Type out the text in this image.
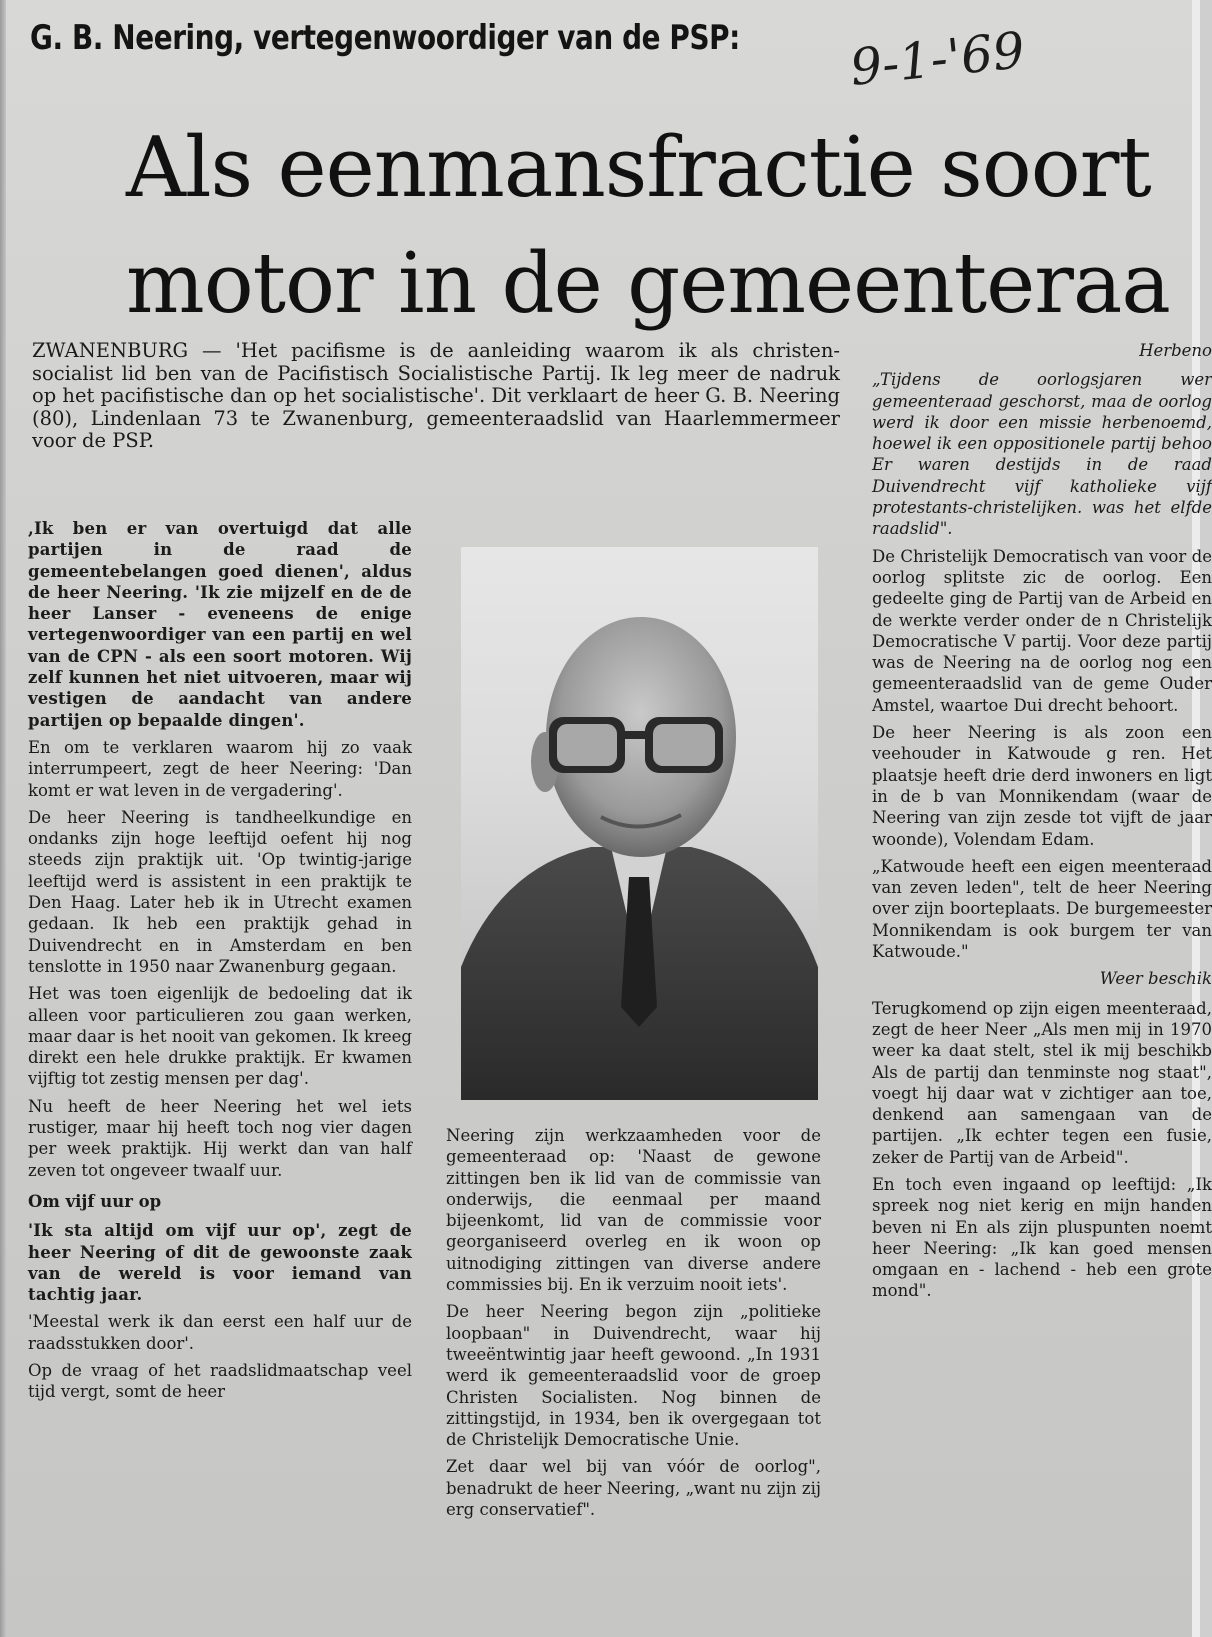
G. B. Neering, vertegenwoordiger van de PSP: 9-1-'69
Als eenmansfractie soort
motor in de gemeenteraa
ZWANENBURG — 'Het pacifisme is de aanleiding waarom ik als christen-socialist lid ben van de Pacifistisch Socialistische Partij. Ik leg meer de nadruk op het pacifistische dan op het socialistische'. Dit verklaart de heer G. B. Neering (80), Lindenlaan 73 te Zwanenburg, gemeenteraadslid van Haarlemmermeer voor de PSP.

,Ik ben er van overtuigd dat alle partijen in de raad de gemeentebelangen goed dienen', aldus de heer Neering. 'Ik zie mijzelf en de de heer Lanser - eveneens de enige vertegenwoordiger van een partij en wel van de CPN - als een soort motoren. Wij zelf kunnen het niet uitvoeren, maar wij vestigen de aandacht van andere partijen op bepaalde dingen'.

En om te verklaren waarom hij zo vaak interrumpeert, zegt de heer Neering: 'Dan komt er wat leven in de vergadering'.

De heer Neering is tandheelkundige en ondanks zijn hoge leeftijd oefent hij nog steeds zijn praktijk uit. 'Op twintig-jarige leeftijd werd is assistent in een praktijk te Den Haag. Later heb ik in Utrecht examen gedaan. Ik heb een praktijk gehad in Duivendrecht en in Amsterdam en ben tenslotte in 1950 naar Zwanenburg gegaan.

Het was toen eigenlijk de bedoeling dat ik alleen voor particulieren zou gaan werken, maar daar is het nooit van gekomen. Ik kreeg direkt een hele drukke praktijk. Er kwamen vijftig tot zestig mensen per dag'.

Nu heeft de heer Neering het wel iets rustiger, maar hij heeft toch nog vier dagen per week praktijk. Hij werkt dan van half zeven tot ongeveer twaalf uur.

Om vijf uur op

'Ik sta altijd om vijf uur op', zegt de heer Neering of dit de gewoonste zaak van de wereld is voor iemand van tachtig jaar.

'Meestal werk ik dan eerst een half uur de raadsstukken door'.

Op de vraag of het raadslidmaatschap veel tijd vergt, somt de heer

Neering zijn werkzaamheden voor de gemeenteraad op: 'Naast de gewone zittingen ben ik lid van de commissie van onderwijs, die eenmaal per maand bijeenkomt, lid van de commissie voor georganiseerd overleg en ik woon op uitnodiging zittingen van diverse andere commissies bij. En ik verzuim nooit iets'.

De heer Neering begon zijn „politieke loopbaan" in Duivendrecht, waar hij tweeëntwintig jaar heeft gewoond. „In 1931 werd ik gemeenteraadslid voor de groep Christen Socialisten. Nog binnen de zittingstijd, in 1934, ben ik overgegaan tot de Christelijk Democratische Unie.

Zet daar wel bij van vóór de oorlog", benadrukt de heer Neering, „want nu zijn zij erg conservatief".

Herbeno

„Tijdens de oorlogsjaren wer gemeenteraad geschorst, maa de oorlog werd ik door een missie herbenoemd, hoewel ik een oppositionele partij behoo Er waren destijds in de raad Duivendrecht vijf katholieke vijf protestants-christelijken. was het elfde raadslid".

De Christelijk Democratisch van voor de oorlog splitste zic de oorlog. Een gedeelte ging de Partij van de Arbeid en de werkte verder onder de n Christelijk Democratische V partij. Voor deze partij was de Neering na de oorlog nog een gemeenteraadslid van de geme Ouder Amstel, waartoe Dui drecht behoort.

De heer Neering is als zoon een veehouder in Katwoude g ren. Het plaatsje heeft drie derd inwoners en ligt in de b van Monnikendam (waar de Neering van zijn zesde tot vijft de jaar woonde), Volendam Edam.

„Katwoude heeft een eigen meenteraad van zeven leden", telt de heer Neering over zijn boorteplaats. De burgemeester Monnikendam is ook burgem ter van Katwoude."

Weer beschik

Terugkomend op zijn eigen meenteraad, zegt de heer Neer „Als men mij in 1970 weer ka daat stelt, stel ik mij beschikb Als de partij dan tenminste nog staat", voegt hij daar wat v zichtiger aan toe, denkend aan samengaan van de partijen. „Ik echter tegen een fusie, zeker de Partij van de Arbeid".

En toch even ingaand op leeftijd: „Ik spreek nog niet kerig en mijn handen beven ni En als zijn pluspunten noemt heer Neering: „Ik kan goed mensen omgaan en - lachend - heb een grote mond".
